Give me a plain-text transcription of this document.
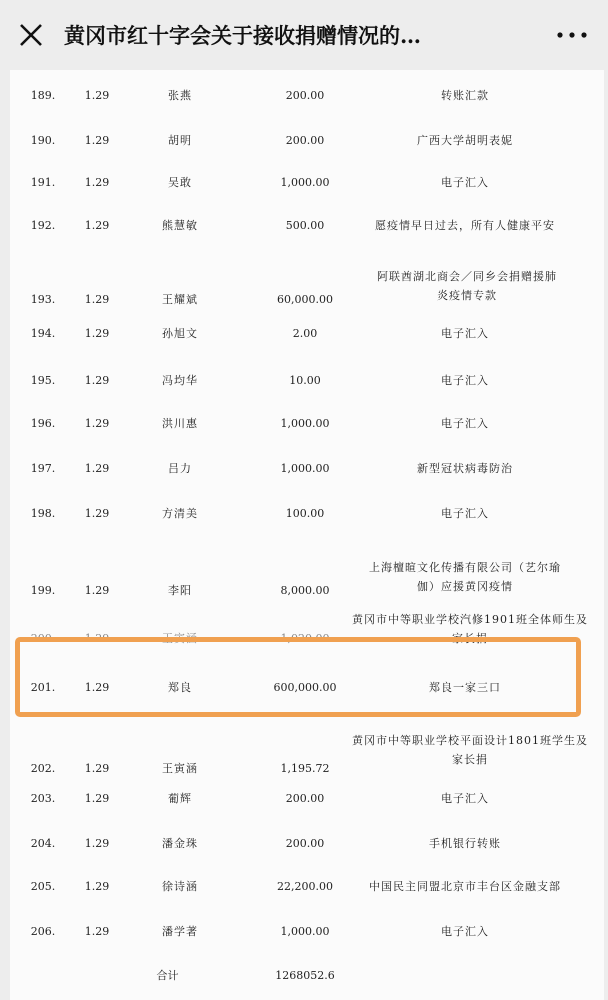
黄冈市红十字会关于接收捐赠情况的…
189.	1.29	张燕	200.00	转账汇款
190.	1.29	胡明	200.00	广西大学胡明表妮
191.	1.29	吴敢	1,000.00	电子汇入
192.	1.29	熊慧敏	500.00	愿疫情早日过去，所有人健康平安
193.	1.29	王耀斌	60,000.00
阿联酋湖北商会／同乡会捐赠援肺炎疫情专款
194.	1.29	孙旭文	2.00	电子汇入
195.	1.29	冯均华	10.00	电子汇入
196.	1.29	洪川惠	1,000.00	电子汇入
197.	1.29	吕力	1,000.00	新型冠状病毒防治
198.	1.29	方清美	100.00	电子汇入
199.	1.29	李阳	8,000.00
上海檀暄文化传播有限公司（艺尔瑜伽）应援黄冈疫情
200.	1.29	王寅涵	1,020.00
黄冈市中等职业学校汽修1901班全体师生及家长捐
201.	1.29	郑良	600,000.00	郑良一家三口
202.	1.29	王寅涵	1,195.72
黄冈市中等职业学校平面设计1801班学生及家长捐
203.	1.29	葡辉	200.00	电子汇入
204.	1.29	潘金珠	200.00	手机银行转账
205.	1.29	徐诗涵	22,200.00	中国民主同盟北京市丰台区金融支部
206.	1.29	潘学著	1,000.00	电子汇入
合计	1268052.6
